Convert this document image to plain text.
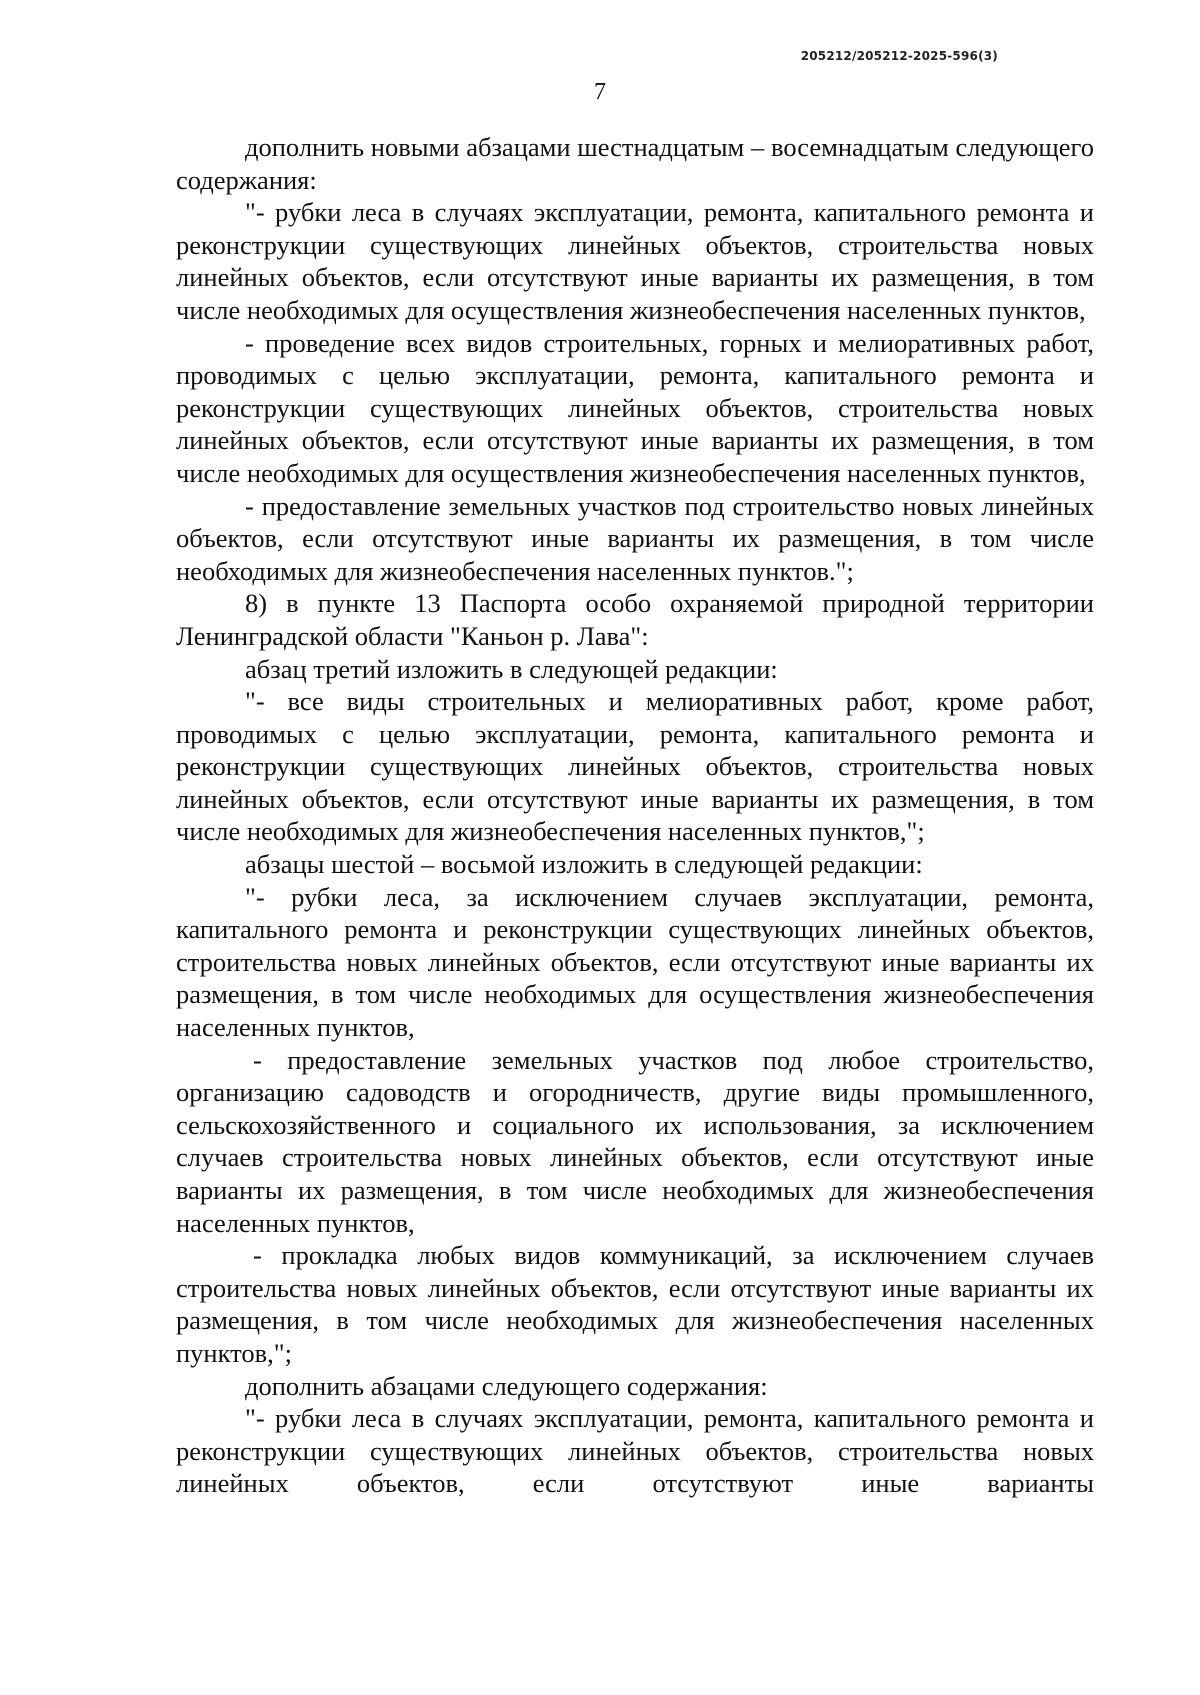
205212/205212-2025-596(3)
7

дополнить новыми абзацами шестнадцатым – восемнадцатым следующего содержания:

"- рубки леса в случаях эксплуатации, ремонта, капитального ремонта и реконструкции существующих линейных объектов, строительства новых линейных объектов, если отсутствуют иные варианты их размещения, в том числе необходимых для осуществления жизнеобеспечения населенных пунктов,

- проведение всех видов строительных, горных и мелиоративных работ, проводимых с целью эксплуатации, ремонта, капитального ремонта и реконструкции существующих линейных объектов, строительства новых линейных объектов, если отсутствуют иные варианты их размещения, в том числе необходимых для осуществления жизнеобеспечения населенных пунктов,

- предоставление земельных участков под строительство новых линейных объектов, если отсутствуют иные варианты их размещения, в том числе необходимых для жизнеобеспечения населенных пунктов.";

8) в пункте 13 Паспорта особо охраняемой природной территории Ленинградской области "Каньон р. Лава":

абзац третий изложить в следующей редакции:

"- все виды строительных и мелиоративных работ, кроме работ, проводимых с целью эксплуатации, ремонта, капитального ремонта и реконструкции существующих линейных объектов, строительства новых линейных объектов, если отсутствуют иные варианты их размещения, в том числе необходимых для жизнеобеспечения населенных пунктов,";

абзацы шестой – восьмой изложить в следующей редакции:

"- рубки леса, за исключением случаев эксплуатации, ремонта, капитального ремонта и реконструкции существующих линейных объектов, строительства новых линейных объектов, если отсутствуют иные варианты их размещения, в том числе необходимых для осуществления жизнеобеспечения населенных пунктов,

- предоставление земельных участков под любое строительство, организацию садоводств и огородничеств, другие виды промышленного, сельскохозяйственного и социального их использования, за исключением случаев строительства новых линейных объектов, если отсутствуют иные варианты их размещения, в том числе необходимых для жизнеобеспечения населенных пунктов,

- прокладка любых видов коммуникаций, за исключением случаев строительства новых линейных объектов, если отсутствуют иные варианты их размещения, в том числе необходимых для жизнеобеспечения населенных пунктов,";

дополнить абзацами следующего содержания:

"- рубки леса в случаях эксплуатации, ремонта, капитального ремонта и реконструкции существующих линейных объектов, строительства новых линейных объектов, если отсутствуют иные варианты
